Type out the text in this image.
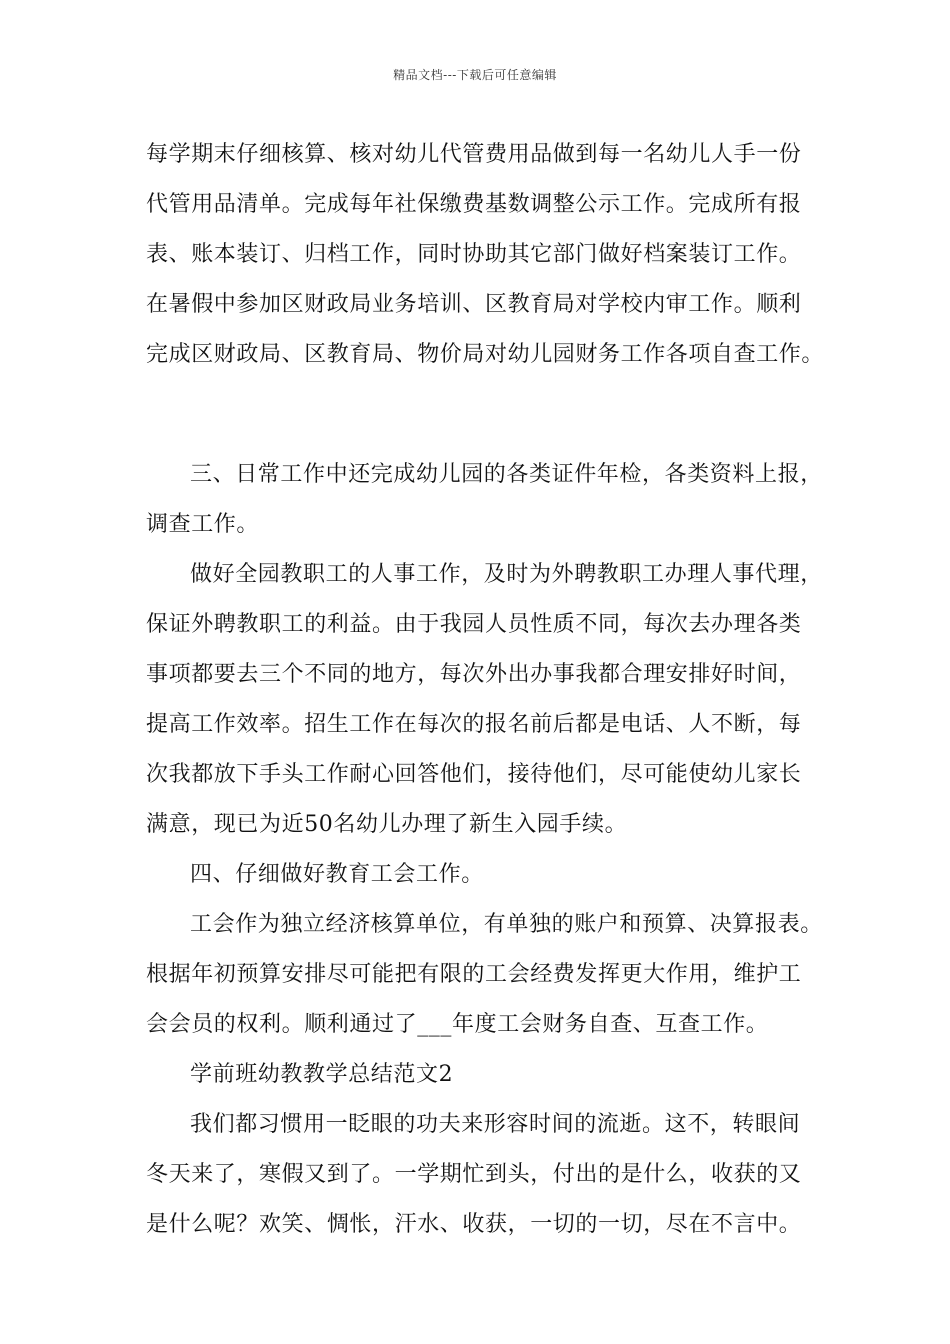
精品文档---下载后可任意编辑
每学期末仔细核算、核对幼儿代管费用品做到每一名幼儿人手一份
代管用品清单。完成每年社保缴费基数调整公示工作。完成所有报
表、账本装订、归档工作，同时协助其它部门做好档案装订工作。
在暑假中参加区财政局业务培训、区教育局对学校内审工作。顺利
完成区财政局、区教育局、物价局对幼儿园财务工作各项自查工作。
三、日常工作中还完成幼儿园的各类证件年检，各类资料上报，
调查工作。
做好全园教职工的人事工作，及时为外聘教职工办理人事代理，
保证外聘教职工的利益。由于我园人员性质不同，每次去办理各类
事项都要去三个不同的地方，每次外出办事我都合理安排好时间，
提高工作效率。招生工作在每次的报名前后都是电话、人不断，每
次我都放下手头工作耐心回答他们，接待他们，尽可能使幼儿家长
满意，现已为近50名幼儿办理了新生入园手续。
四、仔细做好教育工会工作。
工会作为独立经济核算单位，有单独的账户和预算、决算报表。
根据年初预算安排尽可能把有限的工会经费发挥更大作用，维护工
会会员的权利。顺利通过了___年度工会财务自查、互查工作。
学前班幼教教学总结范文2
我们都习惯用一眨眼的功夫来形容时间的流逝。这不，转眼间
冬天来了，寒假又到了。一学期忙到头，付出的是什么，收获的又
是什么呢？欢笑、惆怅，汗水、收获，一切的一切，尽在不言中。
